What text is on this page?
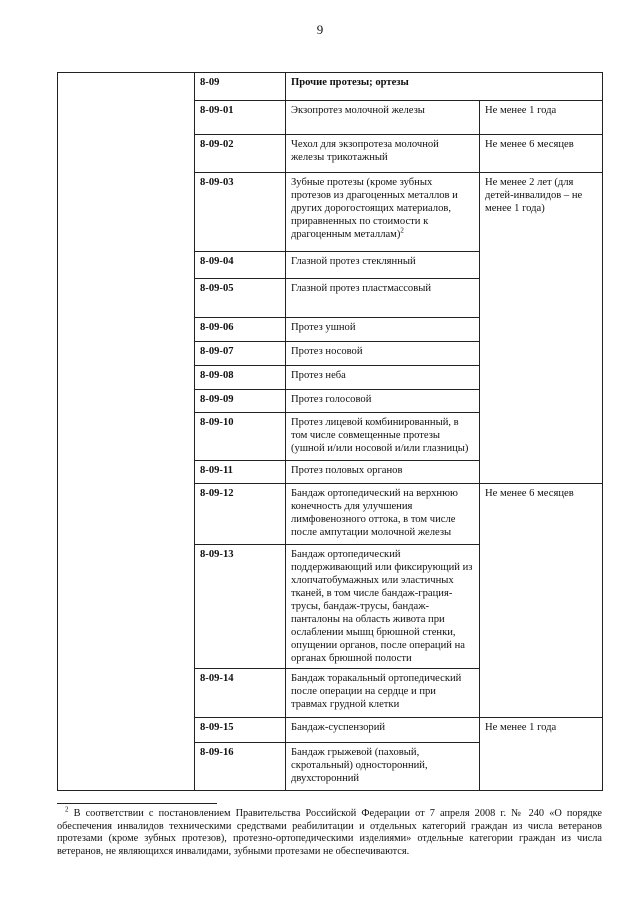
9
	8-09	Прочие протезы; ортезы	
	8-09-01	Экзопротез молочной железы	Не менее 1 года
	8-09-02	Чехол для экзопротеза молочной железы трикотажный	Не менее 6 месяцев
	8-09-03	Зубные протезы (кроме зубных протезов из драгоценных металлов и других дорогостоящих материалов, приравненных по стоимости к драгоценным металлам)$^2$	Не менее 2 лет (для детей-инвалидов – не менее 1 года)
	8-09-04	Глазной протез стеклянный	
	8-09-05	Глазной протез пластмассовый	
	8-09-06	Протез ушной	
	8-09-07	Протез носовой	
	8-09-08	Протез неба	
	8-09-09	Протез голосовой	
	8-09-10	Протез лицевой комбинированный, в том числе совмещенные протезы (ушной и/или носовой и/или глазницы)	
	8-09-11	Протез половых органов	
	8-09-12	Бандаж ортопедический на верхнюю конечность для улучшения лимфовенозного оттока, в том числе после ампутации молочной железы	Не менее 6 месяцев
	8-09-13	Бандаж ортопедический поддерживающий или фиксирующий из хлопчатобумажных или эластичных тканей, в том числе бандаж-грация-трусы, бандаж-трусы, бандаж-панталоны на область живота при ослаблении мышц брюшной стенки, опущении органов, после операций на органах брюшной полости	
	8-09-14	Бандаж торакальный ортопедический после операции на сердце и при травмах грудной клетки	
	8-09-15	Бандаж-суспензорий	Не менее 1 года
	8-09-16	Бандаж грыжевой (паховый, скротальный) односторонний, двухсторонний	
$^2$ В соответствии с постановлением Правительства Российской Федерации от 7 апреля 2008 г. № 240 «О порядке обеспечения инвалидов техническими средствами реабилитации и отдельных категорий граждан из числа ветеранов протезами (кроме зубных протезов), протезно-ортопедическими изделиями» отдельные категории граждан из числа ветеранов, не являющихся инвалидами, зубными протезами не обеспечиваются.
